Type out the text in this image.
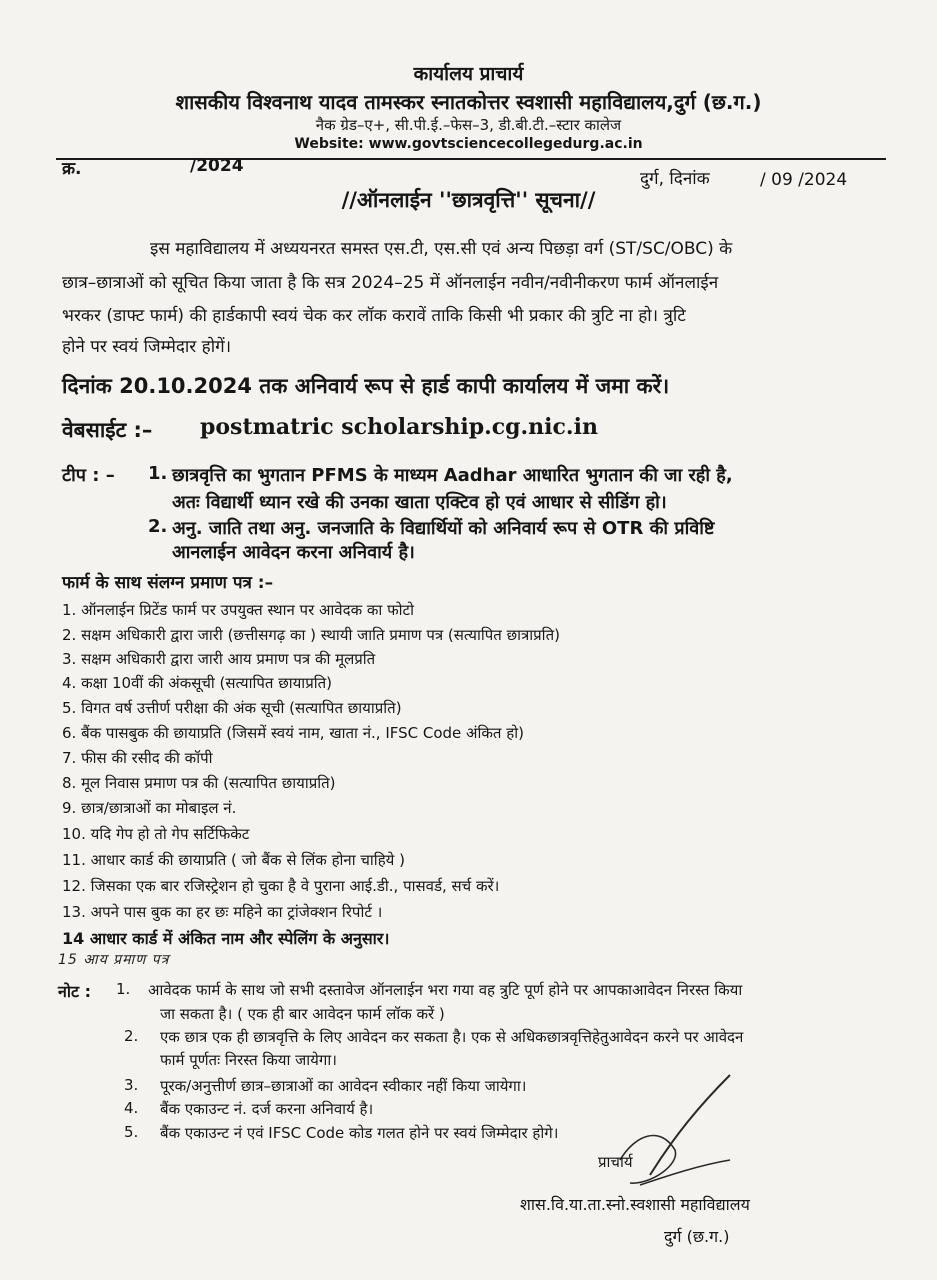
कार्यालय प्राचार्य
शासकीय विश्वनाथ यादव तामस्कर स्नातकोत्तर स्वशासी महाविद्यालय,दुर्ग (छ.ग.)
नैक ग्रेड–ए+, सी.पी.ई.–फेस–3, डी.बी.टी.–स्टार कालेज
Website: www.govtsciencecollegedurg.ac.in
क्र.	/2024
दुर्ग, दिनांक	/ 09 /2024
//ऑनलाईन ''छात्रवृत्ति'' सूचना//
इस महाविद्यालय में अध्ययनरत समस्त एस.टी, एस.सी एवं अन्य पिछड़ा वर्ग (ST/SC/OBC) के
छात्र–छात्राओं को सूचित किया जाता है कि सत्र 2024–25 में ऑनलाईन नवीन/नवीनीकरण फार्म ऑनलाईन
भरकर (डाफ्ट फार्म) की हार्डकापी स्वयं चेक कर लॉक करावें ताकि किसी भी प्रकार की त्रुटि ना हो। त्रुटि
होने पर स्वयं जिम्मेदार होगें।
दिनांक 20.10.2024 तक अनिवार्य रूप से हार्ड कापी कार्यालय में जमा करें।
वेबसाईट :– postmatric scholarship.cg.nic.in
टीप : – 1. छात्रवृत्ति का भुगतान PFMS के माध्यम Aadhar आधारित भुगतान की जा रही है,
अतः विद्यार्थी ध्यान रखे की उनका खाता एक्टिव हो एवं आधार से सीडिंग हो।
2. अनु. जाति तथा अनु. जनजाति के विद्यार्थियों को अनिवार्य रूप से OTR की प्रविष्टि
आनलाईन आवेदन करना अनिवार्य है।
फार्म के साथ संलग्न प्रमाण पत्र :–
1. ऑनलाईन प्रिटेंड फार्म पर उपयुक्त स्थान पर आवेदक का फोटो
2. सक्षम अधिकारी द्वारा जारी (छत्तीसगढ़ का ) स्थायी जाति प्रमाण पत्र (सत्यापित छात्राप्रति)
3. सक्षम अधिकारी द्वारा जारी आय प्रमाण पत्र की मूलप्रति
4. कक्षा 10वीं की अंकसूची (सत्यापित छायाप्रति)
5. विगत वर्ष उत्तीर्ण परीक्षा की अंक सूची (सत्यापित छायाप्रति)
6. बैंक पासबुक की छायाप्रति (जिसमें स्वयं नाम, खाता नं., IFSC Code अंकित हो)
7. फीस की रसीद की कॉपी
8. मूल निवास प्रमाण पत्र की (सत्यापित छायाप्रति)
9. छात्र/छात्राओं का मोबाइल नं.
10. यदि गेप हो तो गेप सर्टिफिकेट
11. आधार कार्ड की छायाप्रति ( जो बैंक से लिंक होना चाहिये )
12. जिसका एक बार रजिस्ट्रेशन हो चुका है वे पुराना आई.डी., पासवर्ड, सर्च करें।
13. अपने पास बुक का हर छः महिने का ट्रांजेक्शन रिपोर्ट ।
14 आधार कार्ड में अंकित नाम और स्पेलिंग के अनुसार।
15 आय प्रमाण पत्र
नोट : 1. आवेदक फार्म के साथ जो सभी दस्तावेज ऑनलाईन भरा गया वह त्रुटि पूर्ण होने पर आपकाआवेदन निरस्त किया
जा सकता है। ( एक ही बार आवेदन फार्म लॉक करें )
2. एक छात्र एक ही छात्रवृत्ति के लिए आवेदन कर सकता है। एक से अधिकछात्रवृत्तिहेतुआवेदन करने पर आवेदन
फार्म पूर्णतः निरस्त किया जायेगा।
3. पूरक/अनुत्तीर्ण छात्र–छात्राओं का आवेदन स्वीकार नहीं किया जायेगा।
4. बैंक एकाउन्ट नं. दर्ज करना अनिवार्य है।
5. बैंक एकाउन्ट नं एवं IFSC Code कोड गलत होने पर स्वयं जिम्मेदार होगे।
प्राचार्य
शास.वि.या.ता.स्नो.स्वशासी महाविद्यालय
दुर्ग (छ.ग.)
